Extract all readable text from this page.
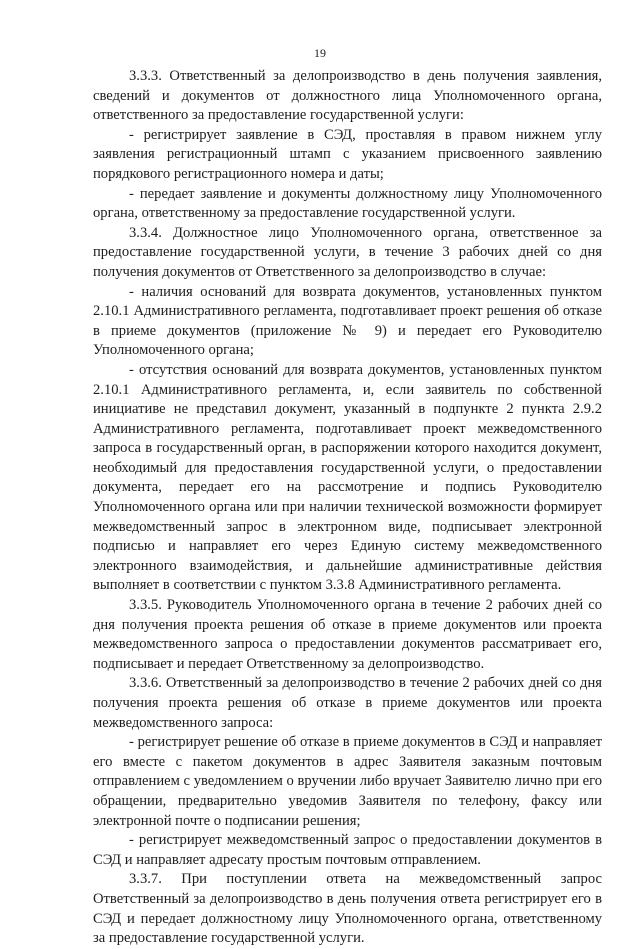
19

3.3.3. Ответственный за делопроизводство в день получения заявления, сведений и документов от должностного лица Уполномоченного органа, ответственного за предоставление государственной услуги:

- регистрирует заявление в СЭД, проставляя в правом нижнем углу заявления регистрационный штамп с указанием присвоенного заявлению порядкового регистрационного номера и даты;

- передает заявление и документы должностному лицу Уполномоченного органа, ответственному за предоставление государственной услуги.

3.3.4. Должностное лицо Уполномоченного органа, ответственное за предоставление государственной услуги, в течение 3 рабочих дней со дня получения документов от Ответственного за делопроизводство в случае:

- наличия оснований для возврата документов, установленных пунктом 2.10.1 Административного регламента, подготавливает проект решения об отказе в приеме документов (приложение № 9) и передает его Руководителю Уполномоченного органа;

- отсутствия оснований для возврата документов, установленных пунктом 2.10.1 Административного регламента, и, если заявитель по собственной инициативе не представил документ, указанный в подпункте 2 пункта 2.9.2 Административного регламента, подготавливает проект межведомственного запроса в государственный орган, в распоряжении которого находится документ, необходимый для предоставления государственной услуги, о предоставлении документа, передает его на рассмотрение и подпись Руководителю Уполномоченного органа или при наличии технической возможности формирует межведомственный запрос в электронном виде, подписывает электронной подписью и направляет его через Единую систему межведомственного электронного взаимодействия, и дальнейшие административные действия выполняет в соответствии с пунктом 3.3.8 Административного регламента.

3.3.5. Руководитель Уполномоченного органа в течение 2 рабочих дней со дня получения проекта решения об отказе в приеме документов или проекта межведомственного запроса о предоставлении документов рассматривает его, подписывает и передает Ответственному за делопроизводство.

3.3.6. Ответственный за делопроизводство в течение 2 рабочих дней со дня получения проекта решения об отказе в приеме документов или проекта межведомственного запроса:

- регистрирует решение об отказе в приеме документов в СЭД и направляет его вместе с пакетом документов в адрес Заявителя заказным почтовым отправлением с уведомлением о вручении либо вручает Заявителю лично при его обращении, предварительно уведомив Заявителя по телефону, факсу или электронной почте о подписании решения;

- регистрирует межведомственный запрос о предоставлении документов в СЭД и направляет адресату простым почтовым отправлением.

3.3.7. При поступлении ответа на межведомственный запрос Ответственный за делопроизводство в день получения ответа регистрирует его в СЭД и передает должностному лицу Уполномоченного органа, ответственному за предоставление государственной услуги.
